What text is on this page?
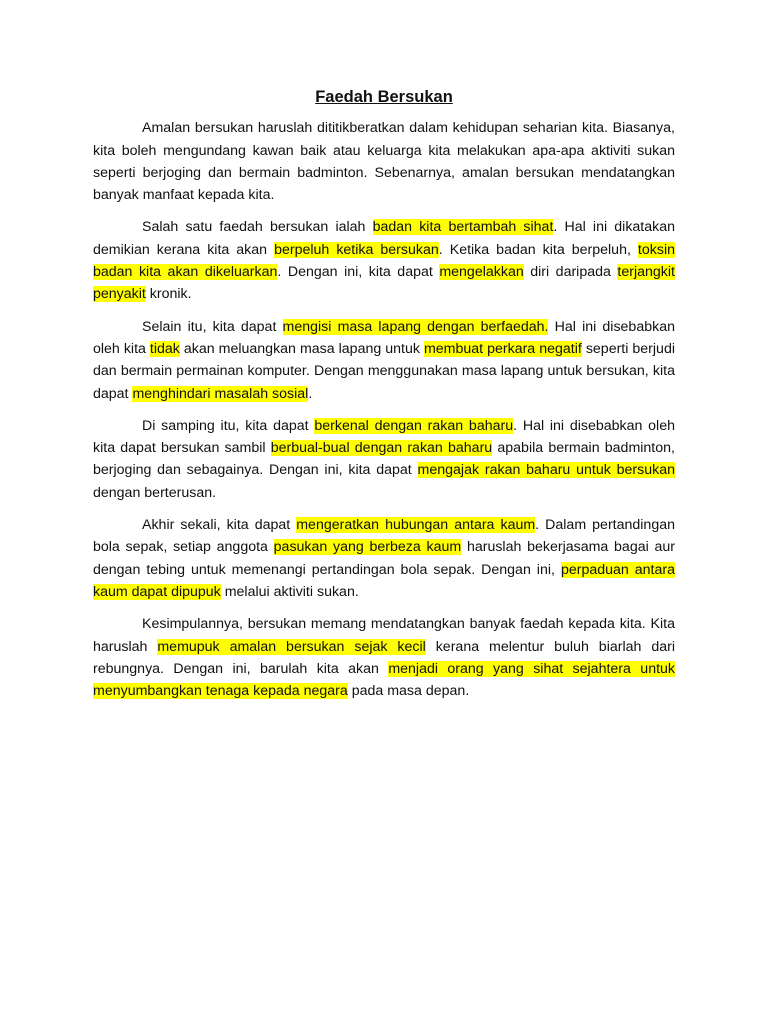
Faedah Bersukan

Amalan bersukan haruslah dititikberatkan dalam kehidupan seharian kita. Biasanya, kita boleh mengundang kawan baik atau keluarga kita melakukan apa-apa aktiviti sukan seperti berjoging dan bermain badminton. Sebenarnya, amalan bersukan mendatangkan banyak manfaat kepada kita.

Salah satu faedah bersukan ialah badan kita bertambah sihat. Hal ini dikatakan demikian kerana kita akan berpeluh ketika bersukan. Ketika badan kita berpeluh, toksin badan kita akan dikeluarkan. Dengan ini, kita dapat mengelakkan diri daripada terjangkit penyakit kronik.

Selain itu, kita dapat mengisi masa lapang dengan berfaedah. Hal ini disebabkan oleh kita tidak akan meluangkan masa lapang untuk membuat perkara negatif seperti berjudi dan bermain permainan komputer. Dengan menggunakan masa lapang untuk bersukan, kita dapat menghindari masalah sosial.

Di samping itu, kita dapat berkenal dengan rakan baharu. Hal ini disebabkan oleh kita dapat bersukan sambil berbual-bual dengan rakan baharu apabila bermain badminton, berjoging dan sebagainya. Dengan ini, kita dapat mengajak rakan baharu untuk bersukan dengan berterusan.

Akhir sekali, kita dapat mengeratkan hubungan antara kaum. Dalam pertandingan bola sepak, setiap anggota pasukan yang berbeza kaum haruslah bekerjasama bagai aur dengan tebing untuk memenangi pertandingan bola sepak. Dengan ini, perpaduan antara kaum dapat dipupuk melalui aktiviti sukan.

Kesimpulannya, bersukan memang mendatangkan banyak faedah kepada kita. Kita haruslah memupuk amalan bersukan sejak kecil kerana melentur buluh biarlah dari rebungnya. Dengan ini, barulah kita akan menjadi orang yang sihat sejahtera untuk menyumbangkan tenaga kepada negara pada masa depan.
